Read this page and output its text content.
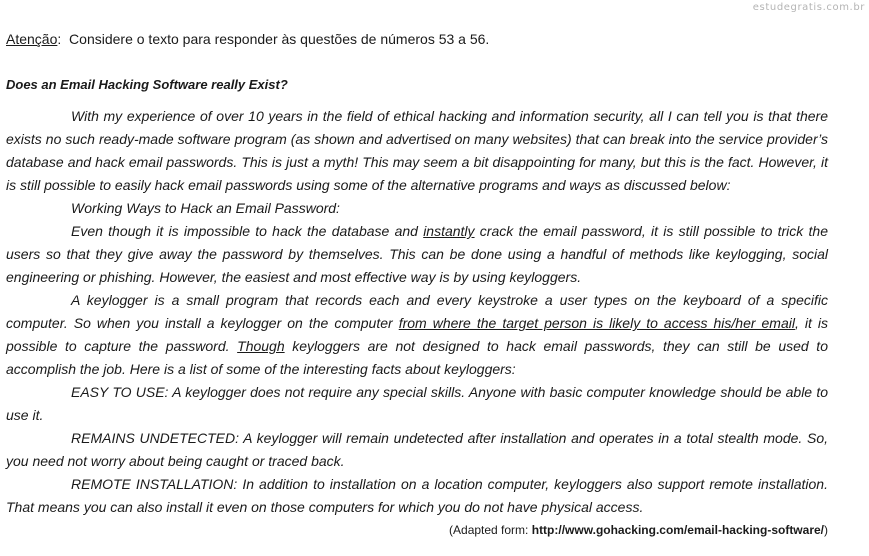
estudegratis.com.br
Atenção:  Considere o texto para responder às questões de números 53 a 56.
Does an Email Hacking Software really Exist?

With my experience of over 10 years in the field of ethical hacking and information security, all I can tell you is that there exists no such ready-made software program (as shown and advertised on many websites) that can break into the service provider’s database and hack email passwords. This is just a myth! This may seem a bit disappointing for many, but this is the fact. However, it is still possible to easily hack email passwords using some of the alternative programs and ways as discussed below:

Working Ways to Hack an Email Password:

Even though it is impossible to hack the database and instantly crack the email password, it is still possible to trick the users so that they give away the password by themselves. This can be done using a handful of methods like keylogging, social engineering or phishing. However, the easiest and most effective way is by using keyloggers.

A keylogger is a small program that records each and every keystroke a user types on the keyboard of a specific computer. So when you install a keylogger on the computer from where the target person is likely to access his/her email, it is possible to capture the password. Though keyloggers are not designed to hack email passwords, they can still be used to accomplish the job. Here is a list of some of the interesting facts about keyloggers:

EASY TO USE: A keylogger does not require any special skills. Anyone with basic computer knowledge should be able to use it.

REMAINS UNDETECTED: A keylogger will remain undetected after installation and operates in a total stealth mode. So, you need not worry about being caught or traced back.

REMOTE INSTALLATION: In addition to installation on a location computer, keyloggers also support remote installation. That means you can also install it even on those computers for which you do not have physical access.

(Adapted form: http://www.gohacking.com/email-hacking-software/)
